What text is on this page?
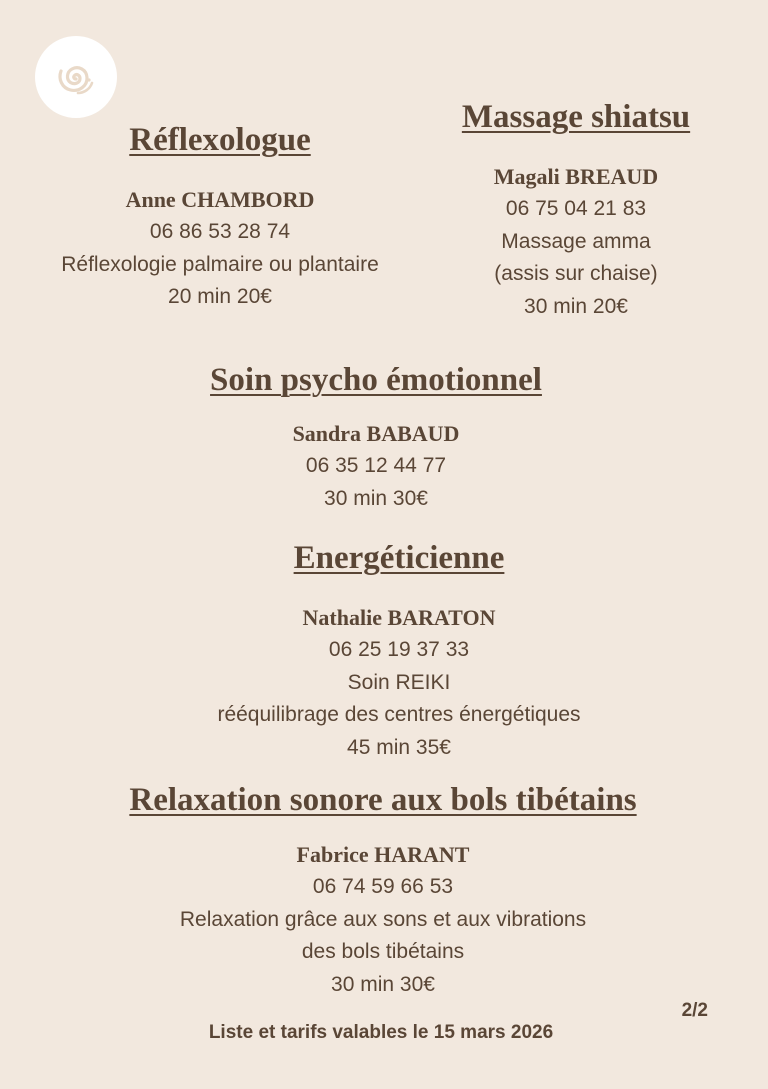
Réflexologue
Anne CHAMBORD
06 86 53 28 74
Réflexologie palmaire ou plantaire
20 min 20€
Massage shiatsu
Magali BREAUD
06 75 04 21 83
Massage amma
(assis sur chaise)
30 min 20€
Soin psycho émotionnel
Sandra BABAUD
06 35 12 44 77
30 min 30€
Energéticienne
Nathalie BARATON
06 25 19 37 33
Soin REIKI
rééquilibrage des centres énergétiques
45 min 35€
Relaxation sonore aux bols tibétains
Fabrice HARANT
06 74 59 66 53
Relaxation grâce aux sons et aux vibrations
des bols tibétains
30 min 30€
2/2
Liste et tarifs valables le 15 mars 2026
